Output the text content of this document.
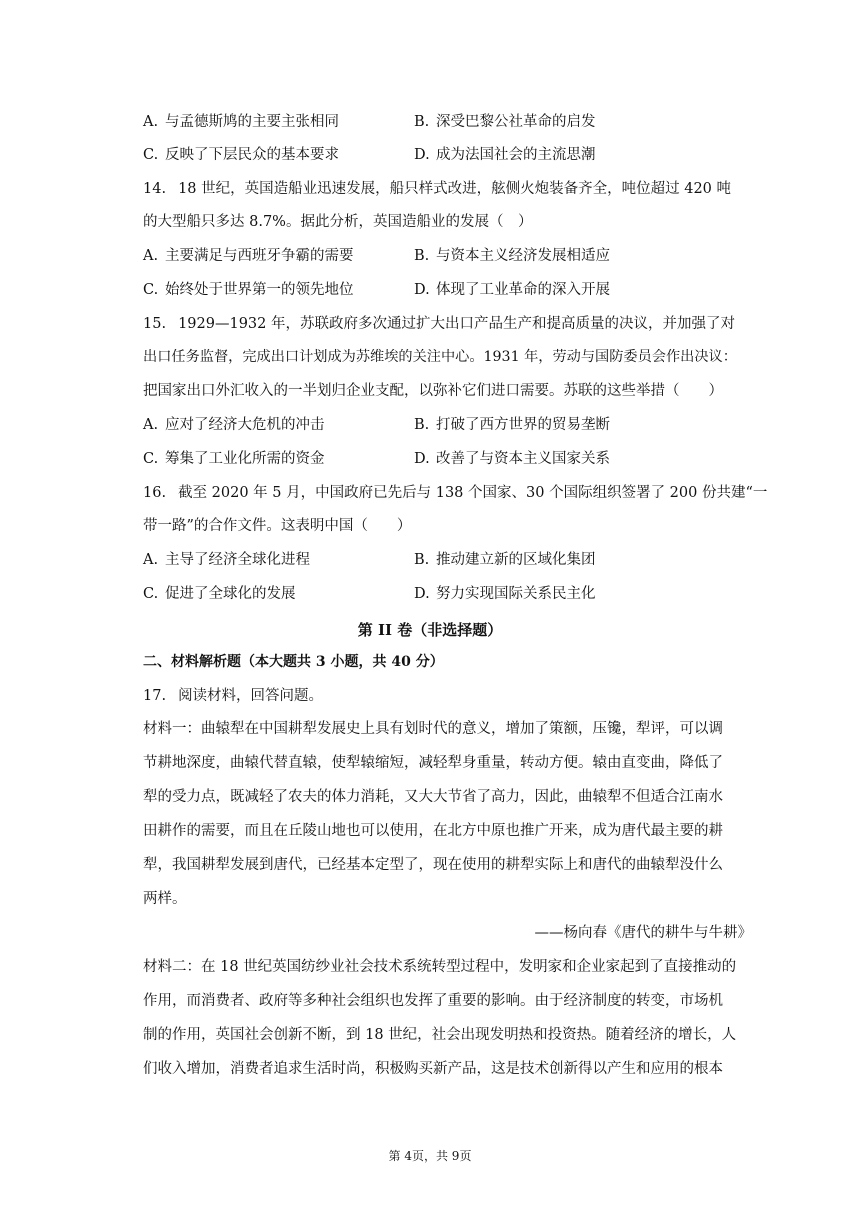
A. 与孟德斯鸠的主要主张相同	B. 深受巴黎公社革命的启发
C. 反映了下层民众的基本要求	D. 成为法国社会的主流思潮
14. 18 世纪，英国造船业迅速发展，船只样式改进，舷侧火炮装备齐全，吨位超过 420 吨
的大型船只多达 8.7%。据此分析，英国造船业的发展（　）
A. 主要满足与西班牙争霸的需要	B. 与资本主义经济发展相适应
C. 始终处于世界第一的领先地位	D. 体现了工业革命的深入开展
15. 1929—1932 年，苏联政府多次通过扩大出口产品生产和提高质量的决议，并加强了对
出口任务监督，完成出口计划成为苏维埃的关注中心。1931 年，劳动与国防委员会作出决议：
把国家出口外汇收入的一半划归企业支配，以弥补它们进口需要。苏联的这些举措（　　）
A. 应对了经济大危机的冲击	B. 打破了西方世界的贸易垄断
C. 筹集了工业化所需的资金	D. 改善了与资本主义国家关系
16. 截至 2020 年 5 月，中国政府已先后与 138 个国家、30 个国际组织签署了 200 份共建“一
带一路”的合作文件。这表明中国（　　）
A. 主导了经济全球化进程	B. 推动建立新的区域化集团
C. 促进了全球化的发展	D. 努力实现国际关系民主化
第 II 卷（非选择题）
二、材料解析题（本大题共 3 小题，共 40 分）
17. 阅读材料，回答问题。
材料一：曲辕犁在中国耕犁发展史上具有划时代的意义，增加了策额，压镵，犁评，可以调
节耕地深度，曲辕代替直辕，使犁辕缩短，减轻犁身重量，转动方便。辕由直变曲，降低了
犁的受力点，既减轻了农夫的体力消耗，又大大节省了高力，因此，曲辕犁不但适合江南水
田耕作的需要，而且在丘陵山地也可以使用，在北方中原也推广开来，成为唐代最主要的耕
犁，我国耕犁发展到唐代，已经基本定型了，现在使用的耕犁实际上和唐代的曲辕犁没什么
两样。
——杨向春《唐代的耕牛与牛耕》
材料二：在 18 世纪英国纺纱业社会技术系统转型过程中，发明家和企业家起到了直接推动的
作用，而消费者、政府等多种社会组织也发挥了重要的影响。由于经济制度的转变，市场机
制的作用，英国社会创新不断，到 18 世纪，社会出现发明热和投资热。随着经济的增长，人
们收入增加，消费者追求生活时尚，积极购买新产品，这是技术创新得以产生和应用的根本
第 4页，共 9页
